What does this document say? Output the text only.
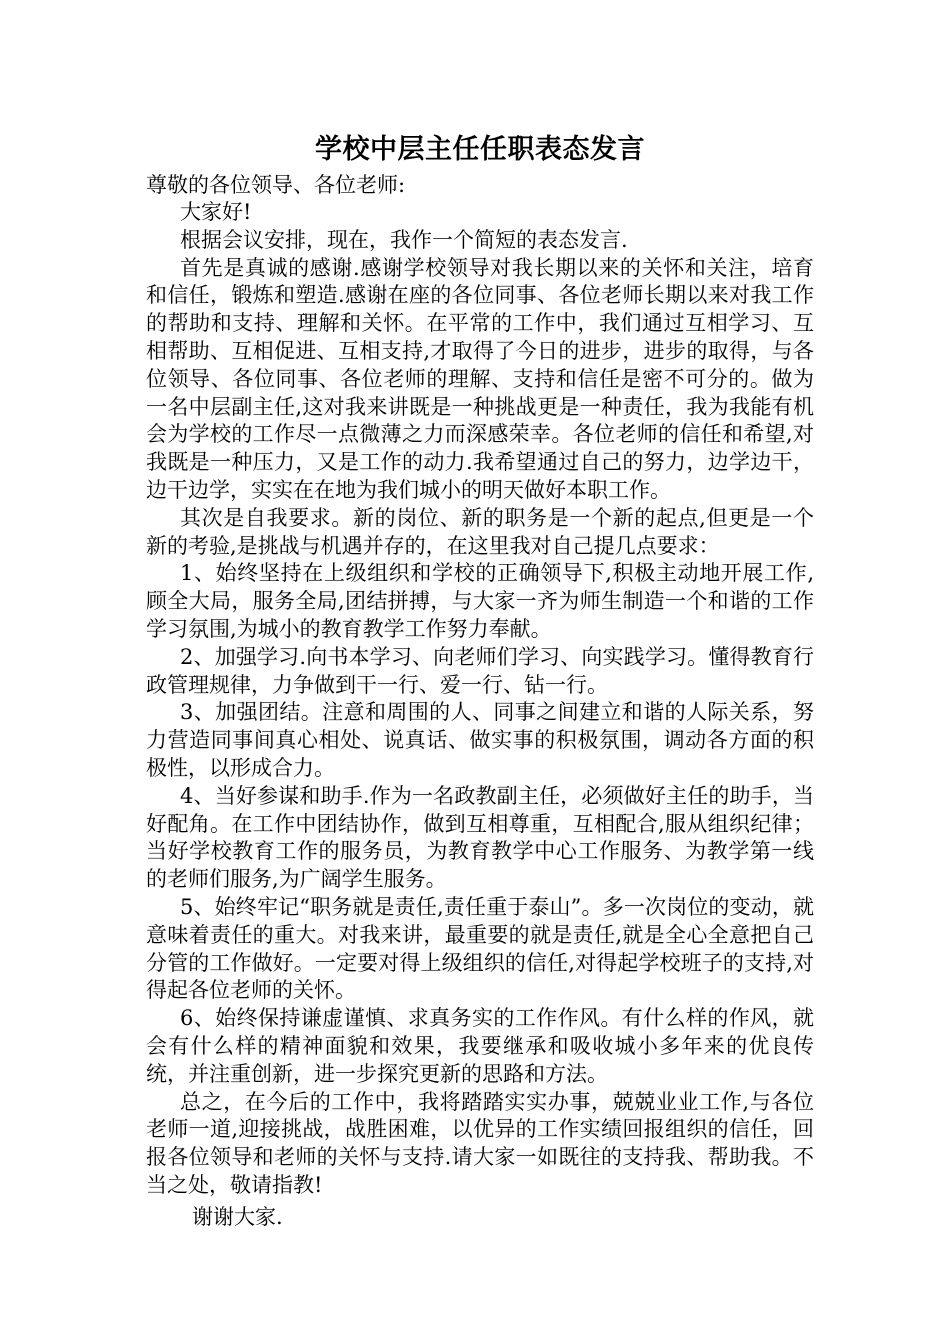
学校中层主任任职表态发言

尊敬的各位领导、各位老师:

大家好!

根据会议安排，现在，我作一个简短的表态发言.

首先是真诚的感谢.感谢学校领导对我长期以来的关怀和关注，培育和信任，锻炼和塑造.感谢在座的各位同事、各位老师长期以来对我工作的帮助和支持、理解和关怀。在平常的工作中，我们通过互相学习、互相帮助、互相促进、互相支持,才取得了今日的进步，进步的取得，与各位领导、各位同事、各位老师的理解、支持和信任是密不可分的。做为一名中层副主任,这对我来讲既是一种挑战更是一种责任，我为我能有机会为学校的工作尽一点微薄之力而深感荣幸。各位老师的信任和希望,对我既是一种压力，又是工作的动力.我希望通过自己的努力，边学边干，边干边学，实实在在地为我们城小的明天做好本职工作。

其次是自我要求。新的岗位、新的职务是一个新的起点,但更是一个新的考验,是挑战与机遇并存的，在这里我对自己提几点要求：

1、始终坚持在上级组织和学校的正确领导下,积极主动地开展工作,顾全大局，服务全局,团结拼搏，与大家一齐为师生制造一个和谐的工作学习氛围,为城小的教育教学工作努力奉献。

2、加强学习.向书本学习、向老师们学习、向实践学习。懂得教育行政管理规律，力争做到干一行、爱一行、钻一行。

3、加强团结。注意和周围的人、同事之间建立和谐的人际关系，努力营造同事间真心相处、说真话、做实事的积极氛围，调动各方面的积极性，以形成合力。

4、当好参谋和助手.作为一名政教副主任，必须做好主任的助手，当好配角。在工作中团结协作，做到互相尊重，互相配合,服从组织纪律；当好学校教育工作的服务员，为教育教学中心工作服务、为教学第一线的老师们服务,为广阔学生服务。

5、始终牢记“职务就是责任,责任重于泰山”。多一次岗位的变动，就意味着责任的重大。对我来讲，最重要的就是责任,就是全心全意把自己分管的工作做好。一定要对得上级组织的信任,对得起学校班子的支持,对得起各位老师的关怀。

6、始终保持谦虚谨慎、求真务实的工作作风。有什么样的作风，就会有什么样的精神面貌和效果，我要继承和吸收城小多年来的优良传统，并注重创新，进一步探究更新的思路和方法。

总之，在今后的工作中，我将踏踏实实办事，兢兢业业工作,与各位老师一道,迎接挑战，战胜困难，以优异的工作实绩回报组织的信任，回报各位领导和老师的关怀与支持.请大家一如既往的支持我、帮助我。不当之处，敬请指教!

谢谢大家.
